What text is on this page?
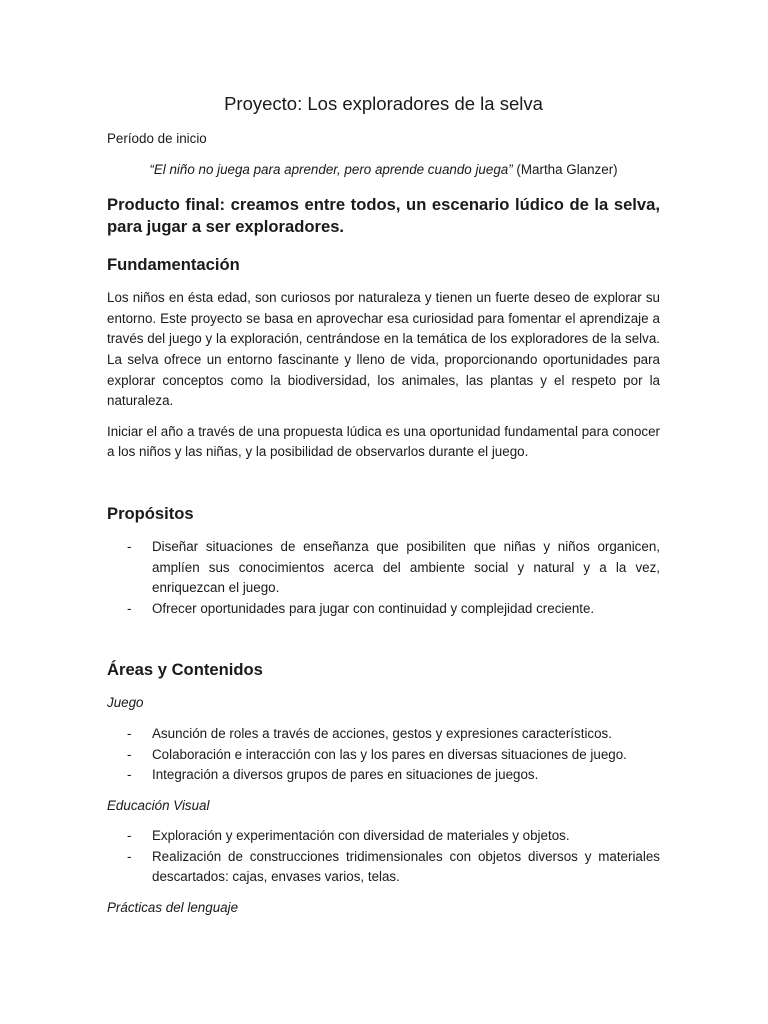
Proyecto: Los exploradores de la selva

Período de inicio

“El niño no juega para aprender, pero aprende cuando juega” (Martha Glanzer)

Producto final: creamos entre todos, un escenario lúdico de la selva, para jugar a ser exploradores.

Fundamentación

Los niños en ésta edad, son curiosos por naturaleza y tienen un fuerte deseo de explorar su entorno. Este proyecto se basa en aprovechar esa curiosidad para fomentar el aprendizaje a través del juego y la exploración, centrándose en la temática de los exploradores de la selva. La selva ofrece un entorno fascinante y lleno de vida, proporcionando oportunidades para explorar conceptos como la biodiversidad, los animales, las plantas y el respeto por la naturaleza.

Iniciar el año a través de una propuesta lúdica es una oportunidad fundamental para conocer a los niños y las niñas, y la posibilidad de observarlos durante el juego.

Propósitos
- Diseñar situaciones de enseñanza que posibiliten que niñas y niños organicen, amplíen sus conocimientos acerca del ambiente social y natural y a la vez, enriquezcan el juego.
- Ofrecer oportunidades para jugar con continuidad y complejidad creciente.
Áreas y Contenidos

Juego

- Asunción de roles a través de acciones, gestos y expresiones característicos.
- Colaboración e interacción con las y los pares en diversas situaciones de juego.
- Integración a diversos grupos de pares en situaciones de juegos.

Educación Visual

- Exploración y experimentación con diversidad de materiales y objetos.
- Realización de construcciones tridimensionales con objetos diversos y materiales descartados: cajas, envases varios, telas.

Prácticas del lenguaje
